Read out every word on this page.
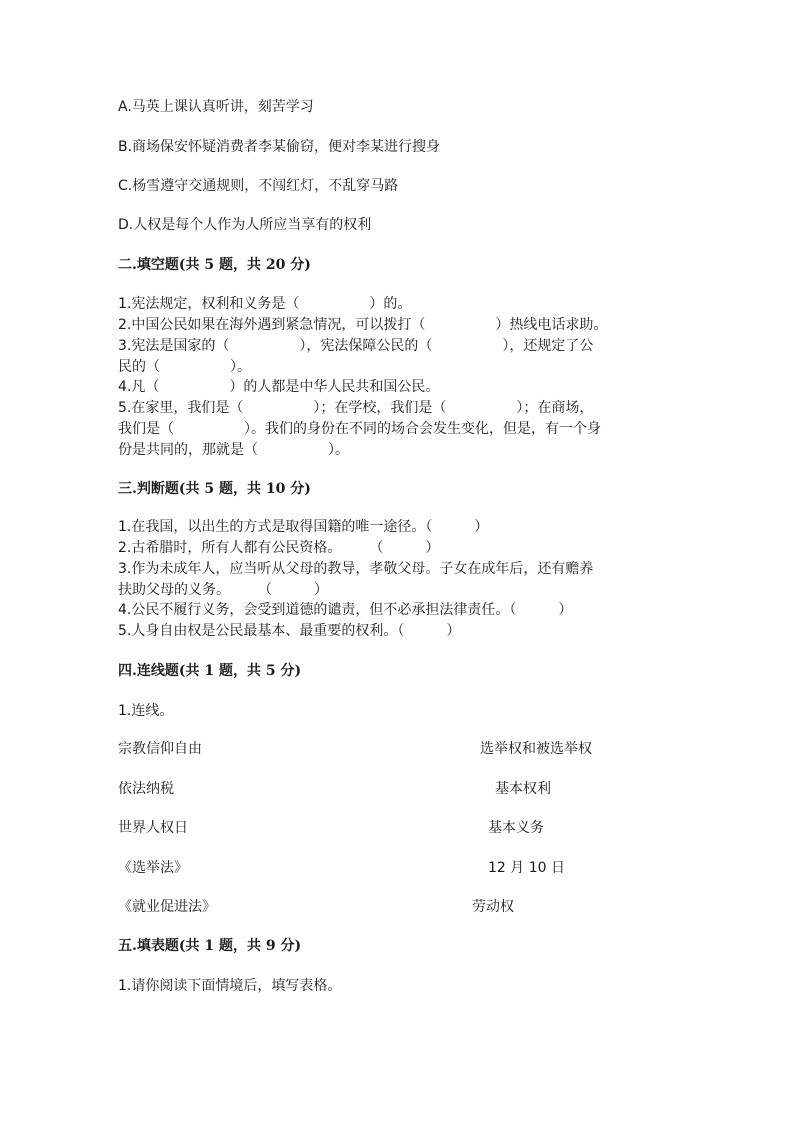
A.马英上课认真听讲，刻苦学习
B.商场保安怀疑消费者李某偷窃，便对李某进行搜身
C.杨雪遵守交通规则，不闯红灯，不乱穿马路
D.人权是每个人作为人所应当享有的权利
二.填空题(共 5 题，共 20 分)
1.宪法规定，权利和义务是（　　　　　）的。
2.中国公民如果在海外遇到紧急情况，可以拨打（　　　　　）热线电话求助。
3.宪法是国家的（　　　　　），宪法保障公民的（　　　　　），还规定了公
民的（　　　　　）。
4.凡（　　　　　）的人都是中华人民共和国公民。
5.在家里，我们是（　　　　　）；在学校，我们是（　　　　　）；在商场，
我们是（　　　　　）。我们的身份在不同的场合会发生变化，但是，有一个身
份是共同的，那就是（　　　　　）。
三.判断题(共 5 题，共 10 分)
1.在我国，以出生的方式是取得国籍的唯一途径。（　　　）
2.古希腊时，所有人都有公民资格。　　　（　　　）
3.作为未成年人，应当听从父母的教导，孝敬父母。子女在成年后，还有赡养
扶助父母的义务。　　　（　　　）
4.公民不履行义务，会受到道德的谴责，但不必承担法律责任。（　　　）
5.人身自由权是公民最基本、最重要的权利。（　　　）
四.连线题(共 1 题，共 5 分)
1.连线。
宗教信仰自由	选举权和被选举权
依法纳税	基本权利
世界人权日	基本义务
《选举法》	12 月 10 日
《就业促进法》	劳动权
五.填表题(共 1 题，共 9 分)
1.请你阅读下面情境后，填写表格。
